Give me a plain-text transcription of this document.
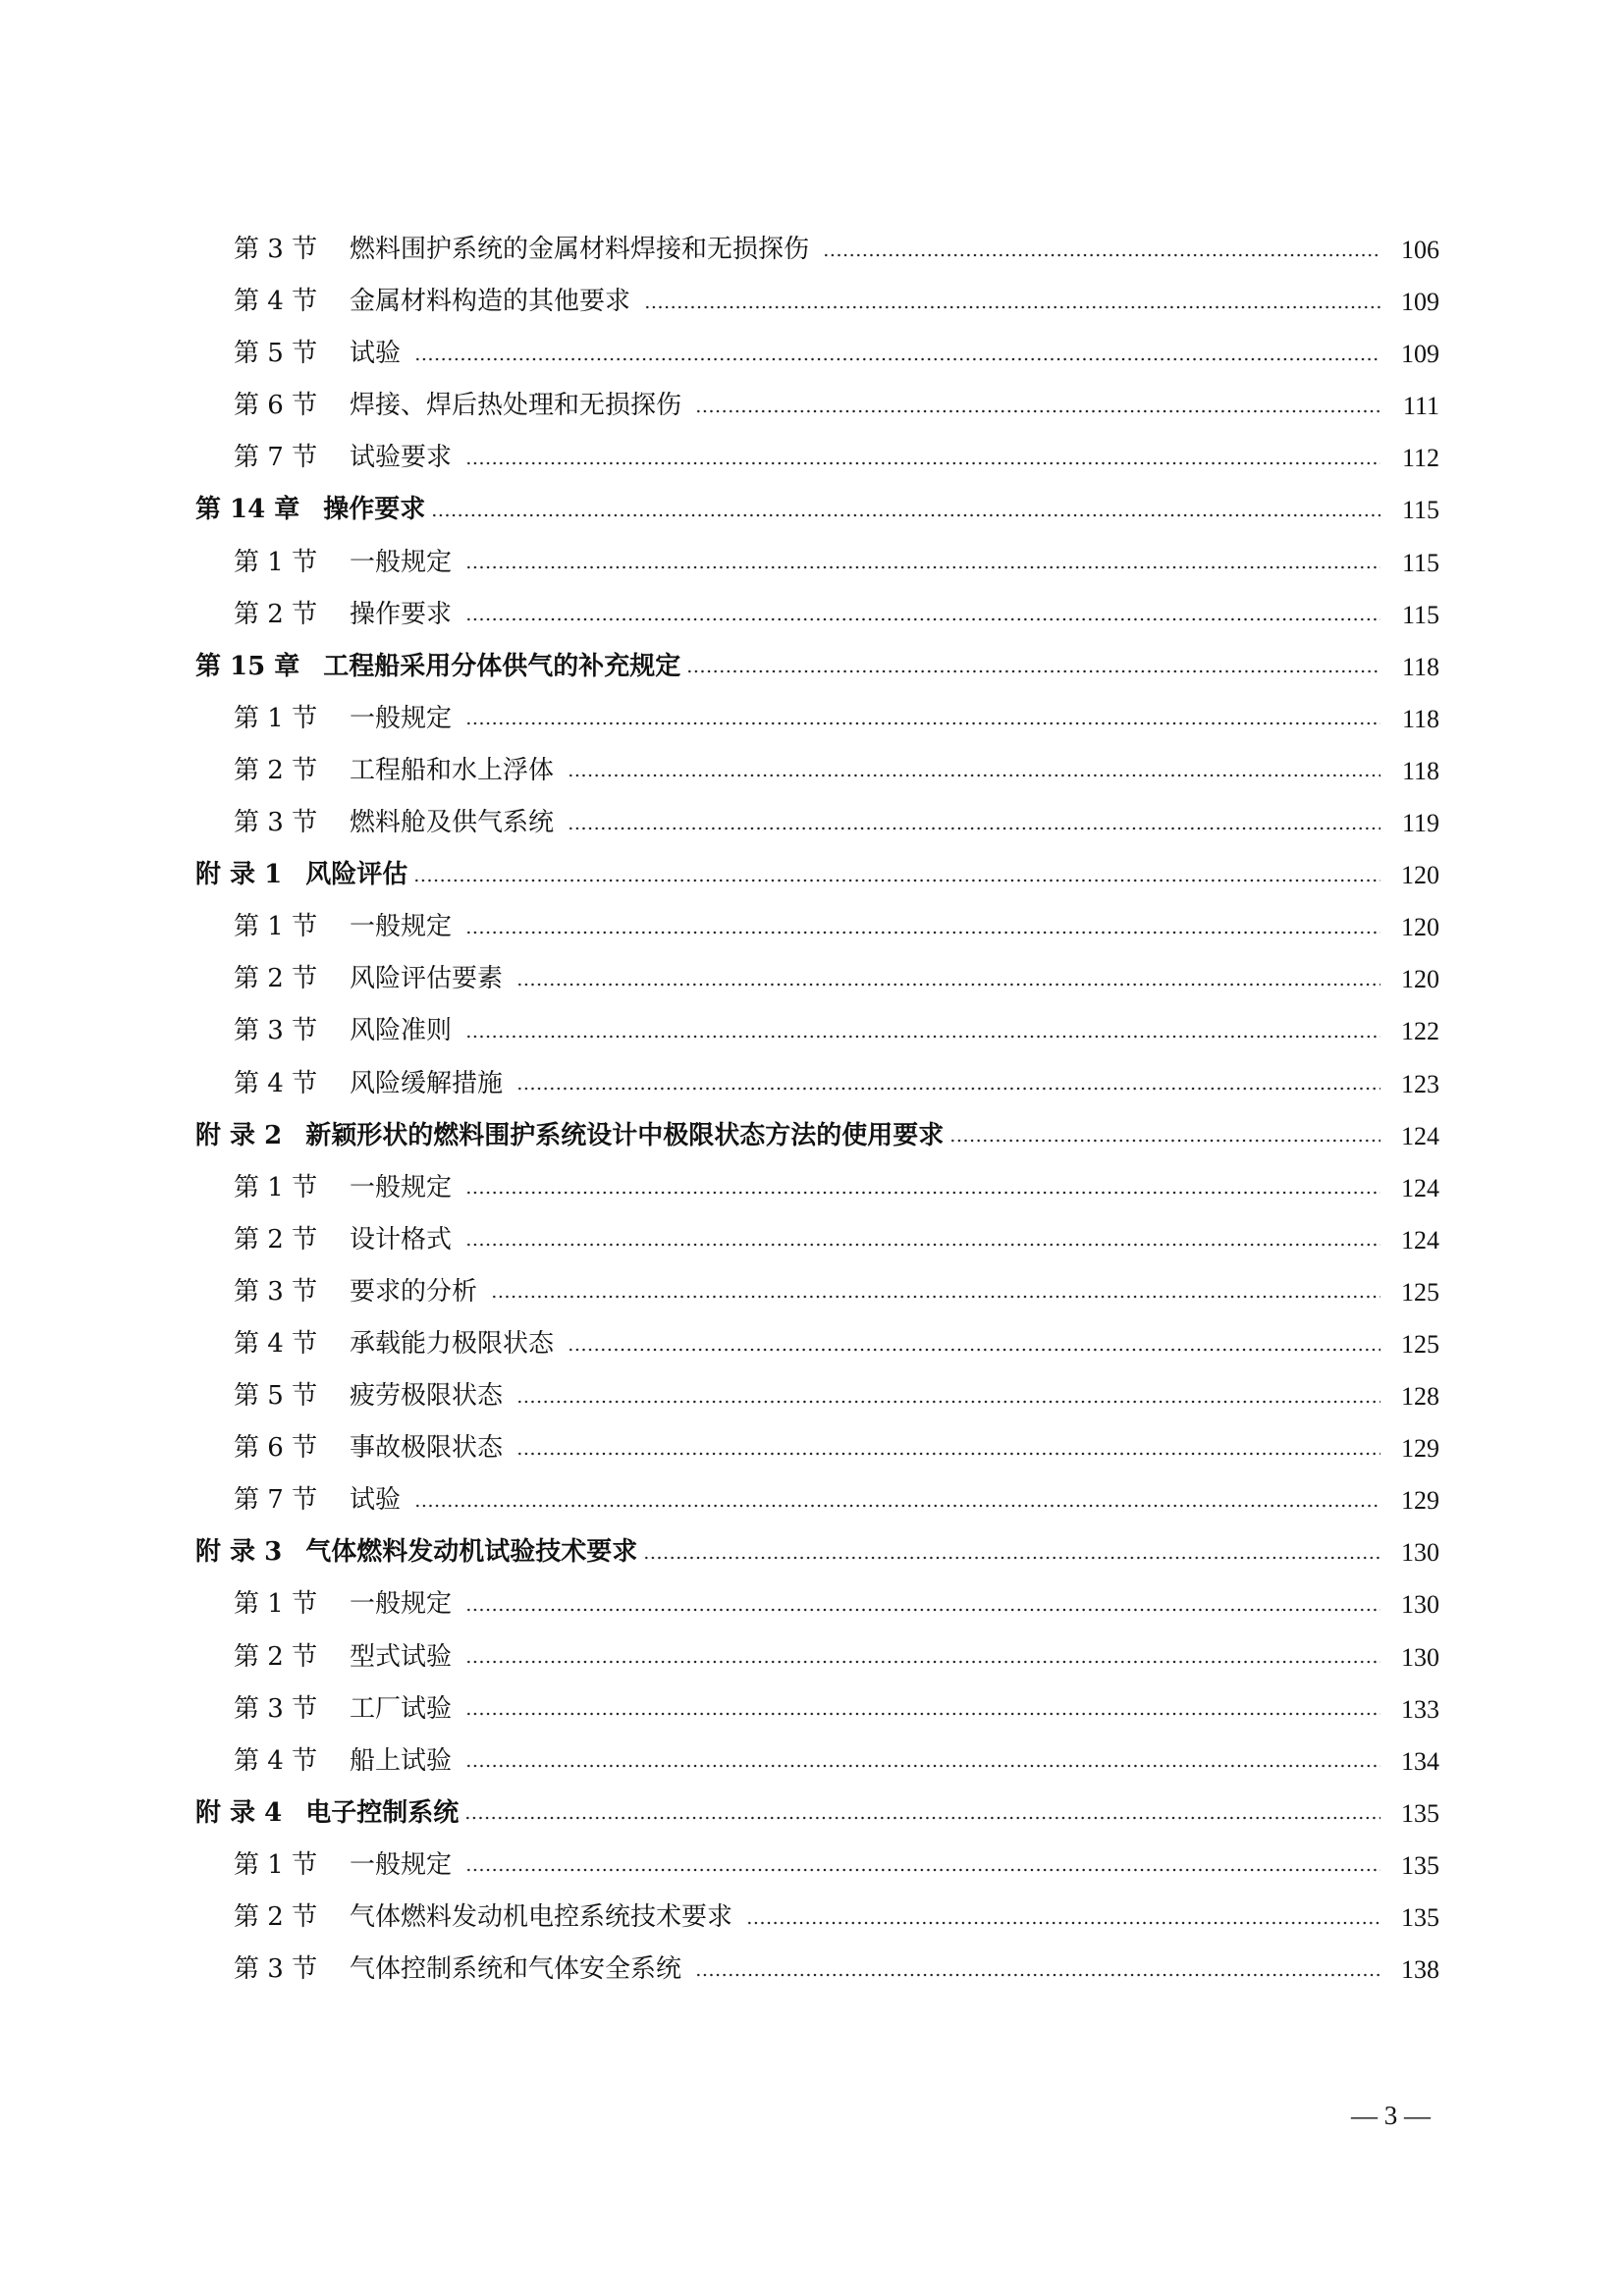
第 3 节	燃料围护系统的金属材料焊接和无损探伤	106
第 4 节	金属材料构造的其他要求	109
第 5 节	试验	109
第 6 节	焊接、焊后热处理和无损探伤	111
第 7 节	试验要求	112
第 14 章 操作要求	115
第 1 节	一般规定	115
第 2 节	操作要求	115
第 15 章 工程船采用分体供气的补充规定	118
第 1 节	一般规定	118
第 2 节	工程船和水上浮体	118
第 3 节	燃料舱及供气系统	119
附 录 1 风险评估	120
第 1 节	一般规定	120
第 2 节	风险评估要素	120
第 3 节	风险准则	122
第 4 节	风险缓解措施	123
附 录 2 新颖形状的燃料围护系统设计中极限状态方法的使用要求	124
第 1 节	一般规定	124
第 2 节	设计格式	124
第 3 节	要求的分析	125
第 4 节	承载能力极限状态	125
第 5 节	疲劳极限状态	128
第 6 节	事故极限状态	129
第 7 节	试验	129
附 录 3 气体燃料发动机试验技术要求	130
第 1 节	一般规定	130
第 2 节	型式试验	130
第 3 节	工厂试验	133
第 4 节	船上试验	134
附 录 4 电子控制系统	135
第 1 节	一般规定	135
第 2 节	气体燃料发动机电控系统技术要求	135
第 3 节	气体控制系统和气体安全系统	138
— 3 —
